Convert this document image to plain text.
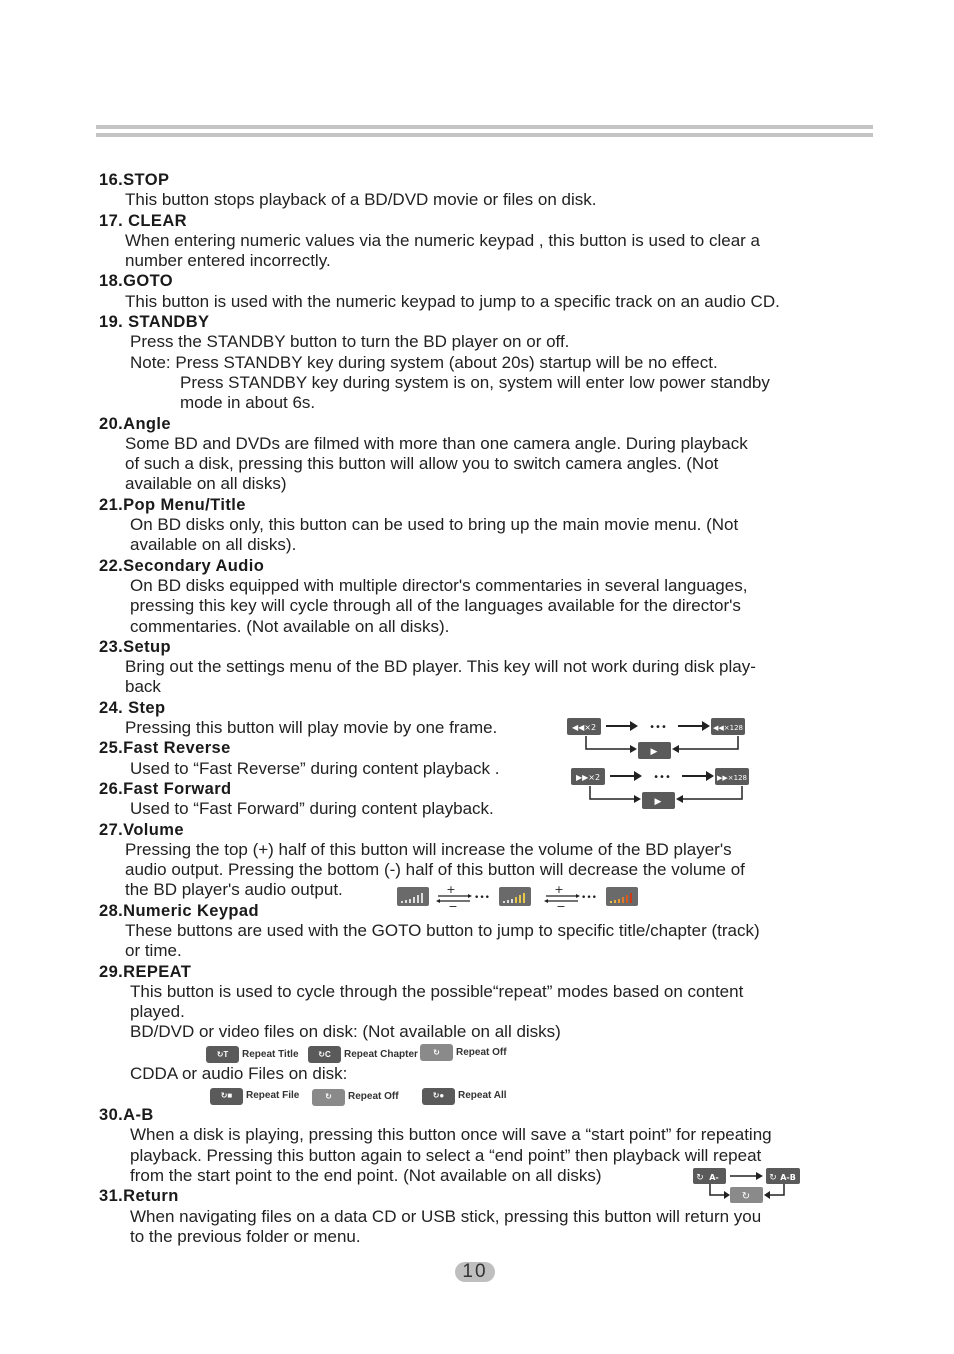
16.STOP
This button stops playback of a BD/DVD movie or files on disk.
17. CLEAR
When entering numeric values via the numeric keypad , this button is used to clear a
number entered incorrectly.
18.GOTO
This button is used with the numeric keypad to jump to a specific track on an audio CD.
19. STANDBY
Press the STANDBY button to turn the BD player on or off.
Note: Press STANDBY key during system (about 20s) startup will be no effect.
Press STANDBY key during system is on, system will enter low power standby
mode in about 6s.
20.Angle
Some BD and DVDs are filmed with more than one camera angle. During playback
of such a disk, pressing this button will allow you to switch camera angles. (Not
available on all disks)
21.Pop Menu/Title
On BD disks only, this button can be used to bring up the main movie menu. (Not
available on all disks).
22.Secondary Audio
On BD disks equipped with multiple director's commentaries in several languages,
pressing this key will cycle through all of the languages available for the director's
commentaries. (Not available on all disks).
23.Setup
Bring out the settings menu of the BD player. This key will not work during disk play-
back
24. Step
Pressing this button will play movie by one frame.
25.Fast Reverse
Used to “Fast Reverse” during content playback .
26.Fast Forward
Used to “Fast Forward” during content playback.
27.Volume
Pressing the top (+) half of this button will increase the volume of the BD player's
audio output. Pressing the bottom (-) half of this button will decrease the volume of
the BD player's audio output.
28.Numeric Keypad
These buttons are used with the GOTO button to jump to specific title/chapter (track)
or time.
29.REPEAT
This button is used to cycle through the possible“repeat” modes based on content
played.
BD/DVD or video files on disk: (Not available on all disks)
↻ T Repeat Title	↻ C Repeat Chapter	↻	Repeat Off
CDDA or audio Files on disk:
↻ ■ Repeat File	↻	Repeat Off	↻ ● Repeat All
30.A-B
When a disk is playing, pressing this button once will save a “start point” for repeating
playback. Pressing this button again to select a “end point” then playback will repeat
from the start point to the end point. (Not available on all disks)
31.Return
When navigating files on a data CD or USB stick, pressing this button will return you
to the previous folder or menu.
◀◀×2	•••	◀◀×128
▶
▶▶×2	•••	▶▶×128
▶
+
−
•••
+
−
•••
A-
↻	A-B
↻
↻
10
